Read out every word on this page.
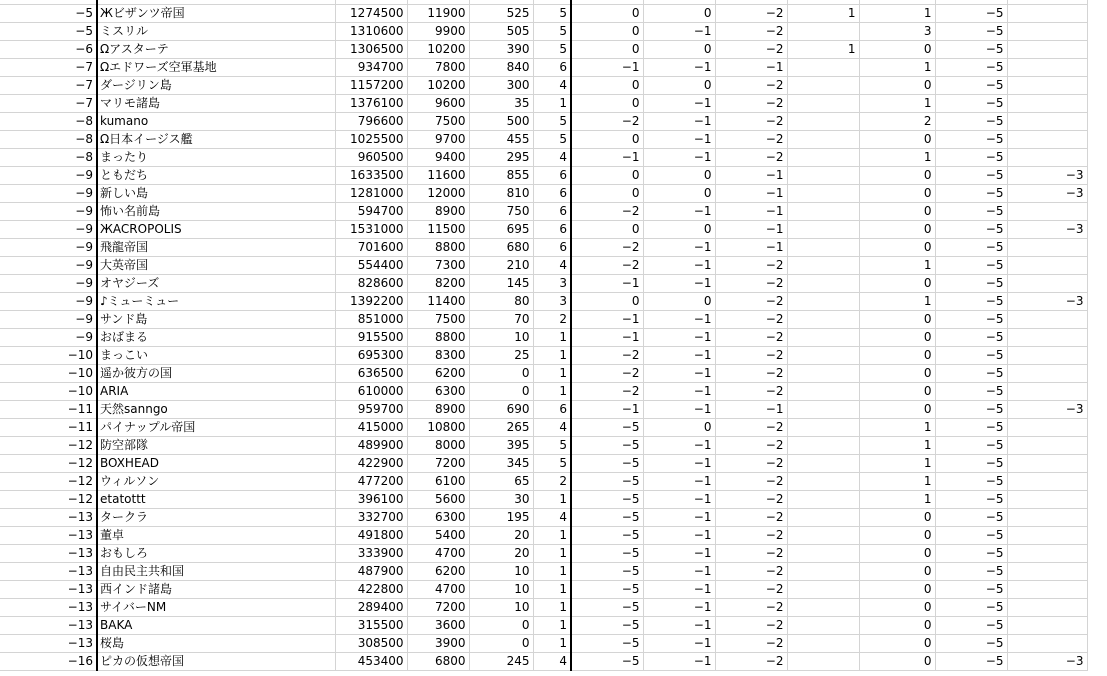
−5	Жビザンツ帝国	1274500	11900	525	5	0	0	−2	1	1	−5	
−5	ミスリル	1310600	9900	505	5	0	−1	−2		3	−5	
−6	Ωアスターテ	1306500	10200	390	5	0	0	−2	1	0	−5	
−7	Ωエドワーズ空軍基地	934700	7800	840	6	−1	−1	−1		1	−5	
−7	ダージリン島	1157200	10200	300	4	0	0	−2		0	−5	
−7	マリモ諸島	1376100	9600	35	1	0	−1	−2		1	−5	
−8	kumano	796600	7500	500	5	−2	−1	−2		2	−5	
−8	Ω日本イージス艦	1025500	9700	455	5	0	−1	−2		0	−5	
−8	まったり	960500	9400	295	4	−1	−1	−2		1	−5	
−9	ともだち	1633500	11600	855	6	0	0	−1		0	−5	−3
−9	新しい島	1281000	12000	810	6	0	0	−1		0	−5	−3
−9	怖い名前島	594700	8900	750	6	−2	−1	−1		0	−5	
−9	ЖACROPOLIS	1531000	11500	695	6	0	0	−1		0	−5	−3
−9	飛龍帝国	701600	8800	680	6	−2	−1	−1		0	−5	
−9	大英帝国	554400	7300	210	4	−2	−1	−2		1	−5	
−9	オヤジーズ	828600	8200	145	3	−1	−1	−2		0	−5	
−9	♪ミューミュー	1392200	11400	80	3	0	0	−2		1	−5	−3
−9	サンド島	851000	7500	70	2	−1	−1	−2		0	−5	
−9	おばまる	915500	8800	10	1	−1	−1	−2		0	−5	
−10	まっこい	695300	8300	25	1	−2	−1	−2		0	−5	
−10	遥か彼方の国	636500	6200	0	1	−2	−1	−2		0	−5	
−10	ARIA	610000	6300	0	1	−2	−1	−2		0	−5	
−11	天然sanngo	959700	8900	690	6	−1	−1	−1		0	−5	−3
−11	パイナップル帝国	415000	10800	265	4	−5	0	−2		1	−5	
−12	防空部隊	489900	8000	395	5	−5	−1	−2		1	−5	
−12	BOXHEAD	422900	7200	345	5	−5	−1	−2		1	−5	
−12	ウィルソン	477200	6100	65	2	−5	−1	−2		1	−5	
−12	etatottt	396100	5600	30	1	−5	−1	−2		1	−5	
−13	タークラ	332700	6300	195	4	−5	−1	−2		0	−5	
−13	董卓	491800	5400	20	1	−5	−1	−2		0	−5	
−13	おもしろ	333900	4700	20	1	−5	−1	−2		0	−5	
−13	自由民主共和国	487900	6200	10	1	−5	−1	−2		0	−5	
−13	西インド諸島	422800	4700	10	1	−5	−1	−2		0	−5	
−13	サイバーNM	289400	7200	10	1	−5	−1	−2		0	−5	
−13	BAKA	315500	3600	0	1	−5	−1	−2		0	−5	
−13	桜島	308500	3900	0	1	−5	−1	−2		0	−5	
−16	ピカの仮想帝国	453400	6800	245	4	−5	−1	−2		0	−5	−3
